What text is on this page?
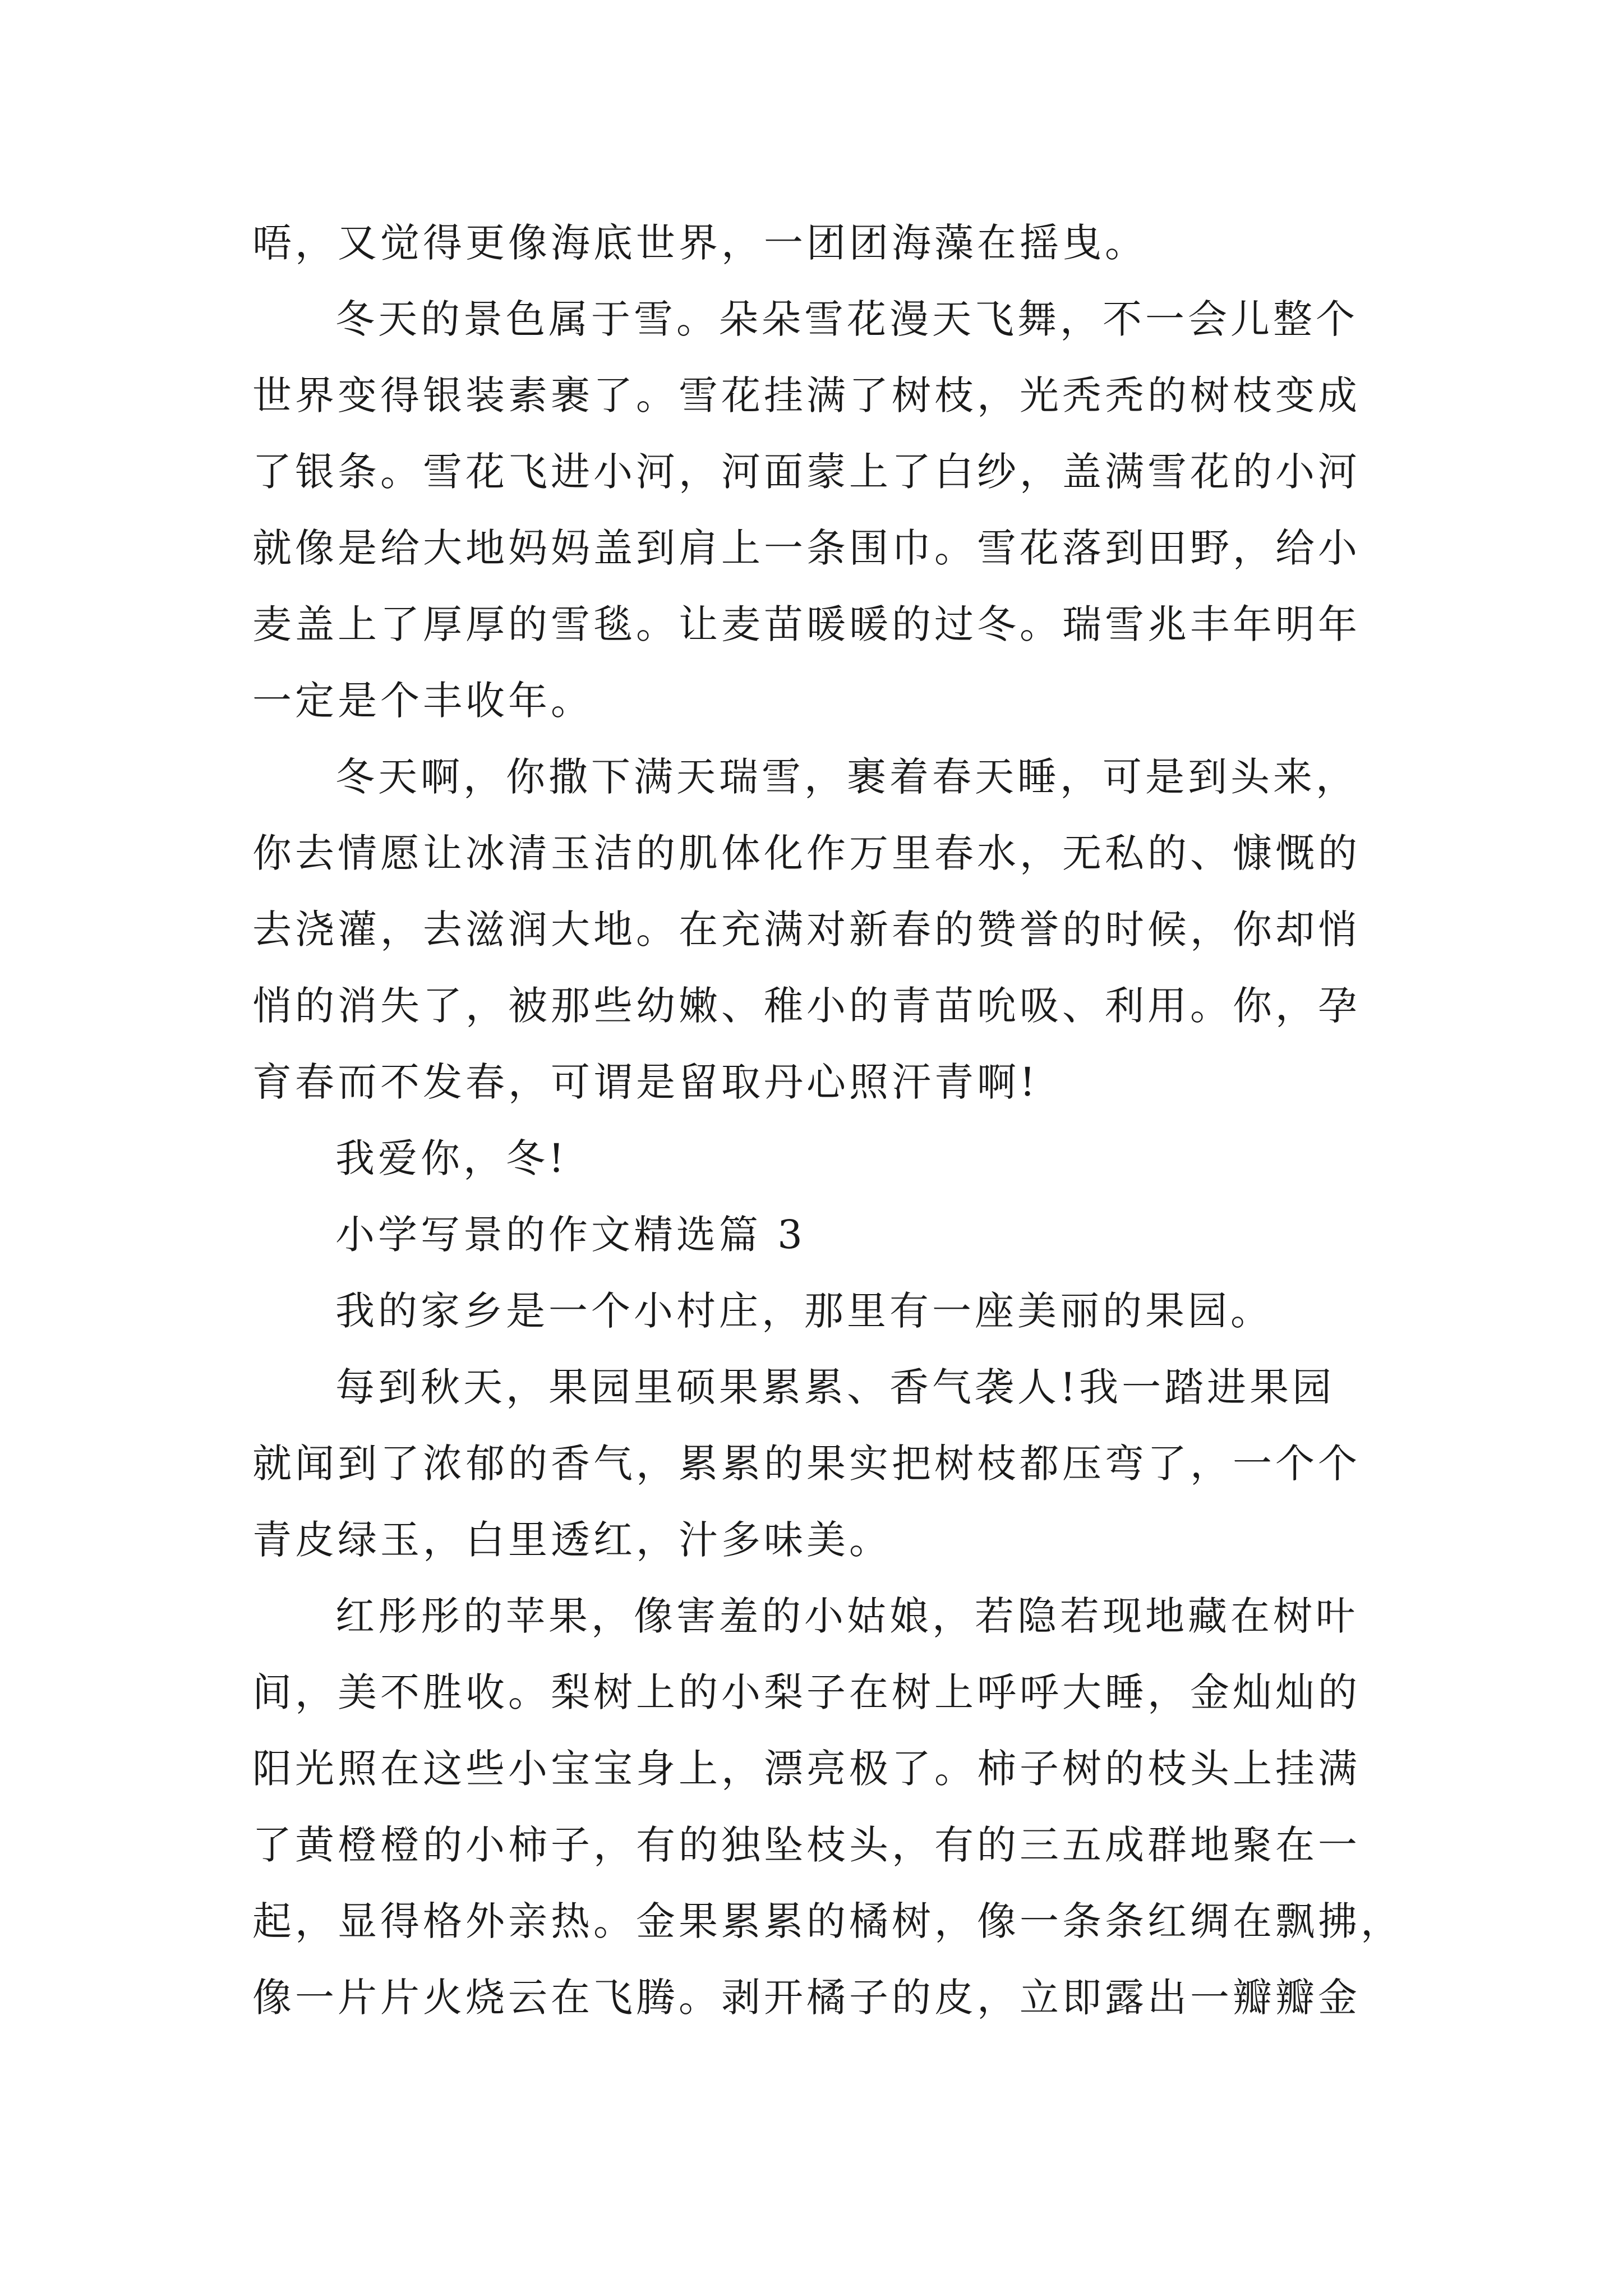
唔，又觉得更像海底世界，一团团海藻在摇曳。
冬天的景色属于雪。朵朵雪花漫天飞舞，不一会儿整个
世界变得银装素裹了。雪花挂满了树枝，光秃秃的树枝变成
了银条。雪花飞进小河，河面蒙上了白纱，盖满雪花的小河
就像是给大地妈妈盖到肩上一条围巾。雪花落到田野，给小
麦盖上了厚厚的雪毯。让麦苗暖暖的过冬。瑞雪兆丰年明年
一定是个丰收年。
冬天啊，你撒下满天瑞雪，裹着春天睡，可是到头来，
你去情愿让冰清玉洁的肌体化作万里春水，无私的、慷慨的
去浇灌，去滋润大地。在充满对新春的赞誉的时候，你却悄
悄的消失了，被那些幼嫩、稚小的青苗吮吸、利用。你，孕
育春而不发春，可谓是留取丹心照汗青啊!
我爱你，冬!
小学写景的作文精选篇 3
我的家乡是一个小村庄，那里有一座美丽的果园。
每到秋天，果园里硕果累累、香气袭人!我一踏进果园
就闻到了浓郁的香气，累累的果实把树枝都压弯了，一个个
青皮绿玉，白里透红，汁多味美。
红彤彤的苹果，像害羞的小姑娘，若隐若现地藏在树叶
间，美不胜收。梨树上的小梨子在树上呼呼大睡，金灿灿的
阳光照在这些小宝宝身上，漂亮极了。柿子树的枝头上挂满
了黄橙橙的小柿子，有的独坠枝头，有的三五成群地聚在一
起，显得格外亲热。金果累累的橘树，像一条条红绸在飘拂，
像一片片火烧云在飞腾。剥开橘子的皮，立即露出一瓣瓣金
